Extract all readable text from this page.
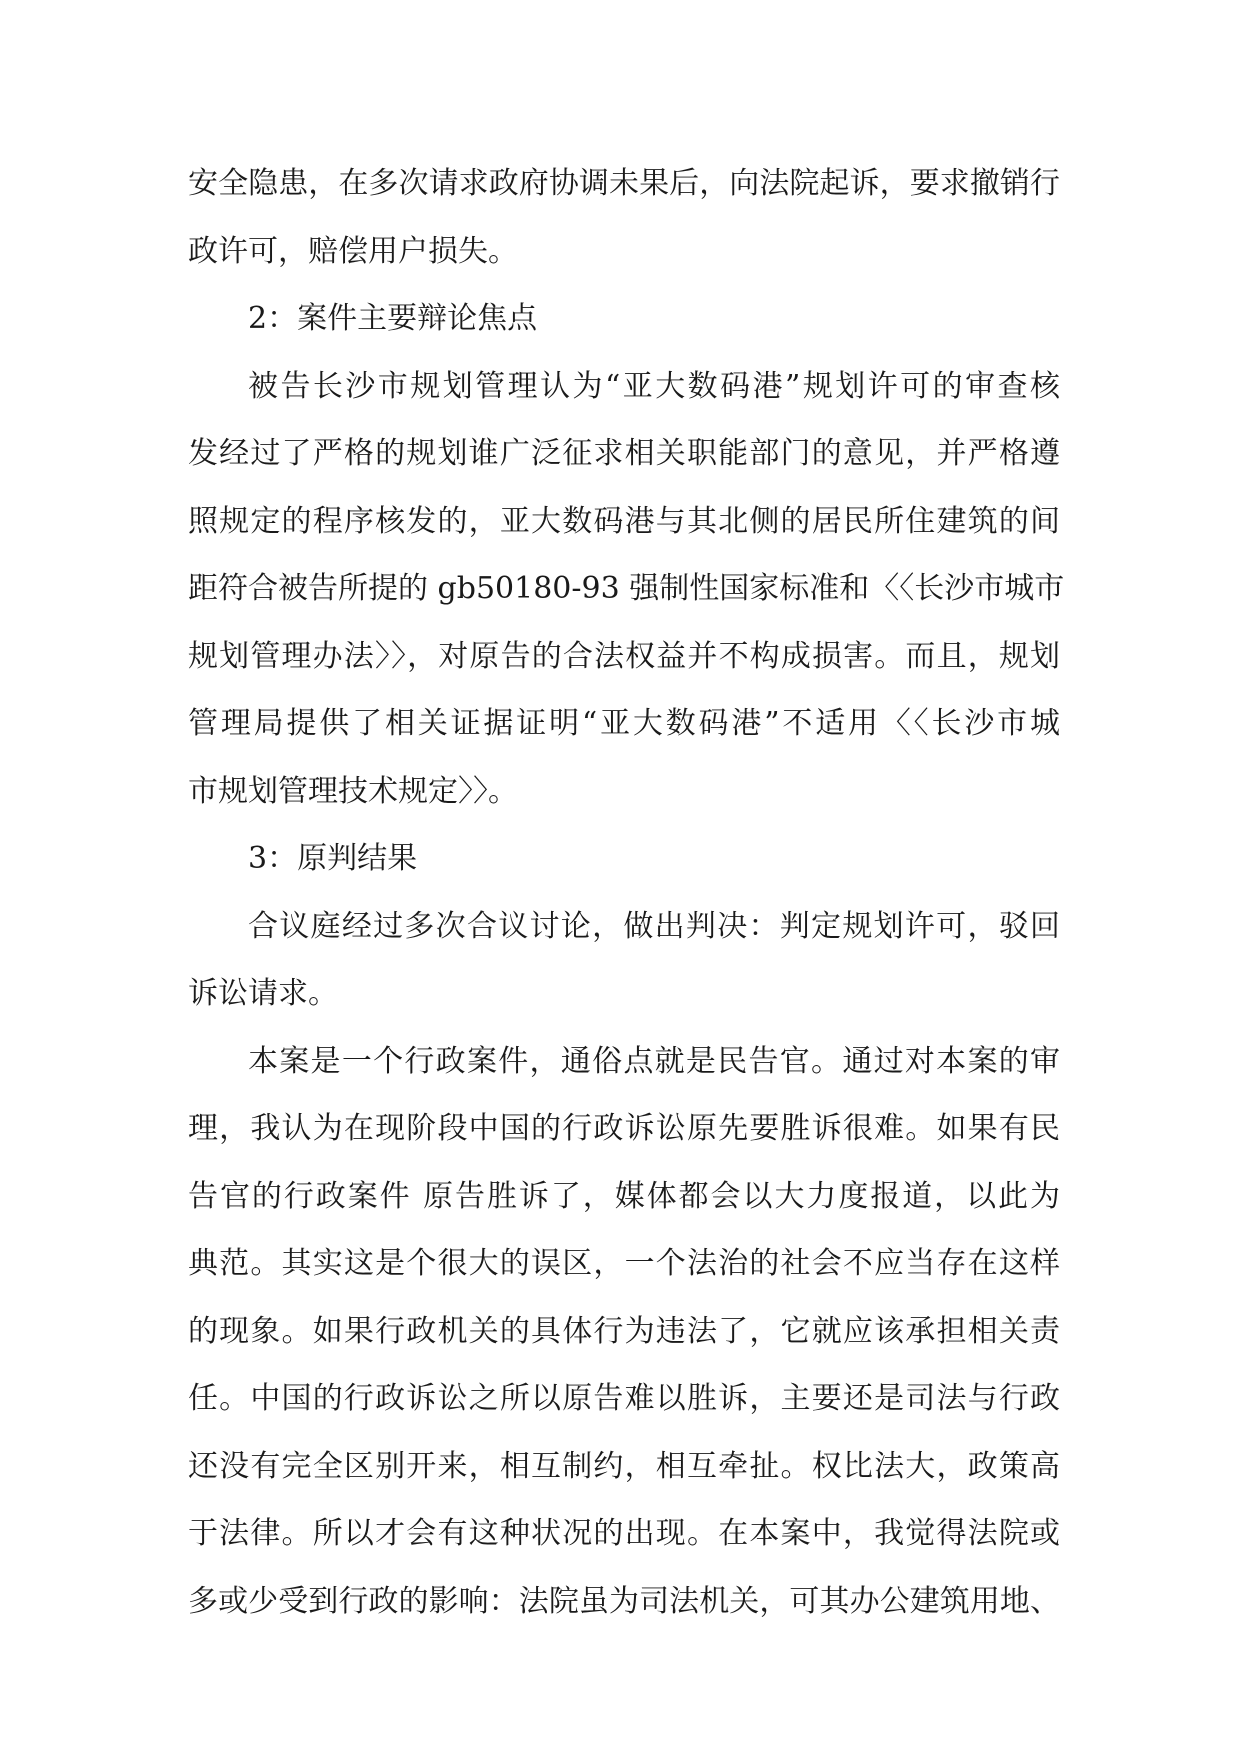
安全隐患，在多次请求政府协调未果后，向法院起诉，要求撤销行
政许可，赔偿用户损失。
2：案件主要辩论焦点
被告长沙市规划管理认为“亚大数码港”规划许可的审查核
发经过了严格的规划谁广泛征求相关职能部门的意见，并严格遵
照规定的程序核发的，亚大数码港与其北侧的居民所住建筑的间
距符合被告所提的 gb50180-93 强制性国家标准和〈〈长沙市城市
规划管理办法〉〉，对原告的合法权益并不构成损害。而且，规划
管理局提供了相关证据证明“亚大数码港”不适用〈〈长沙市城
市规划管理技术规定〉〉。
3：原判结果
合议庭经过多次合议讨论，做出判决：判定规划许可，驳回
诉讼请求。
本案是一个行政案件，通俗点就是民告官。通过对本案的审
理，我认为在现阶段中国的行政诉讼原先要胜诉很难。如果有民
告官的行政案件 原告胜诉了，媒体都会以大力度报道，以此为
典范。其实这是个很大的误区，一个法治的社会不应当存在这样
的现象。如果行政机关的具体行为违法了，它就应该承担相关责
任。中国的行政诉讼之所以原告难以胜诉，主要还是司法与行政
还没有完全区别开来，相互制约，相互牵扯。权比法大，政策高
于法律。所以才会有这种状况的出现。在本案中，我觉得法院或
多或少受到行政的影响：法院虽为司法机关，可其办公建筑用地、
